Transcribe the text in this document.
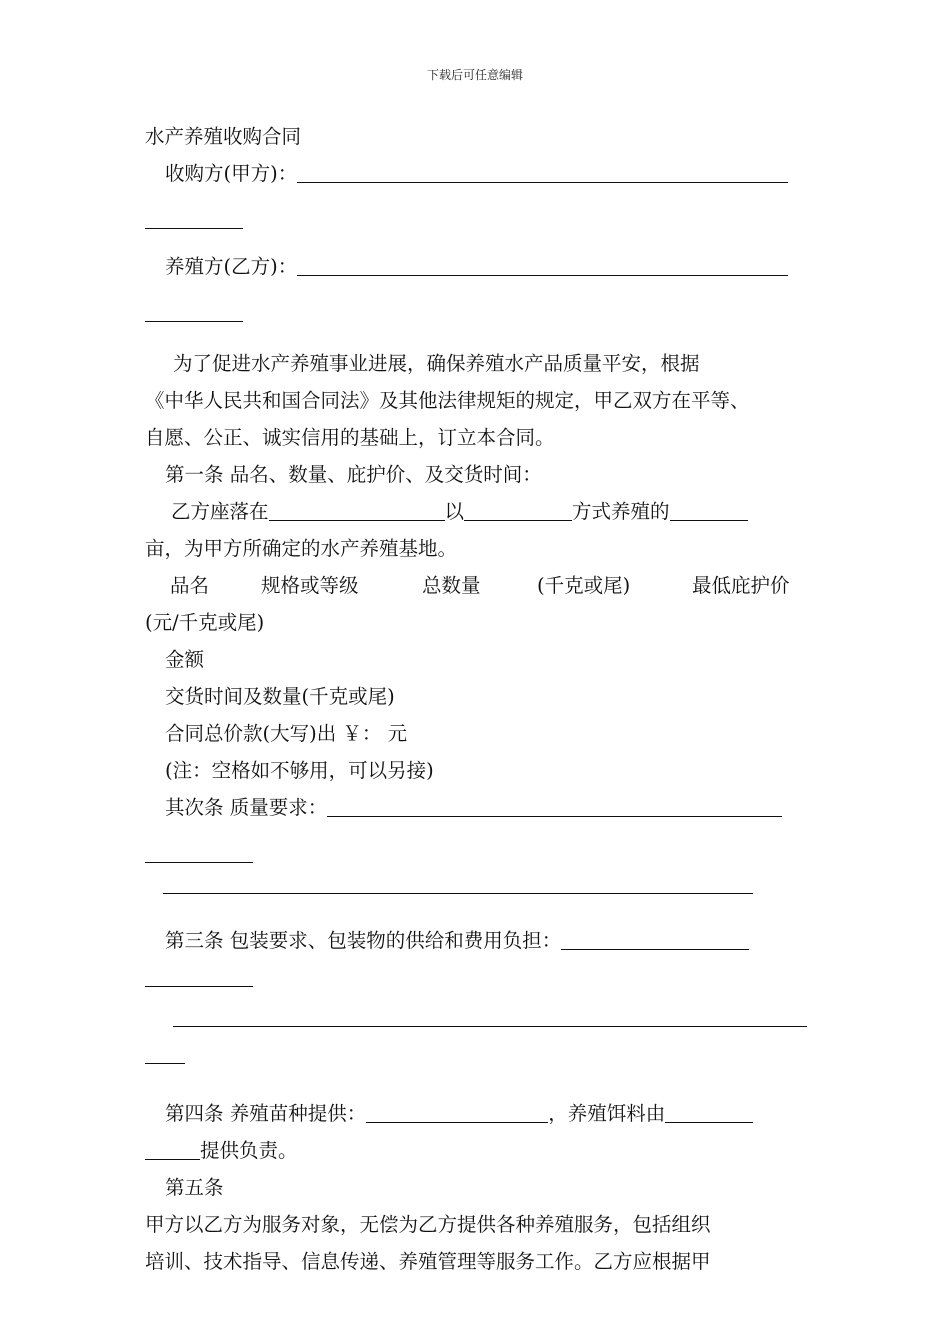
下载后可任意编辑
水产养殖收购合同
收购方(甲方)：
养殖方(乙方)：
为了促进水产养殖事业进展，确保养殖水产品质量平安，根据
《中华人民共和国合同法》及其他法律规矩的规定，甲乙双方在平等、
自愿、公正、诚实信用的基础上，订立本合同。
第一条 品名、数量、庇护价、及交货时间：
乙方座落在	以	方式养殖的
亩，为甲方所确定的水产养殖基地。
品名	规格或等级	总数量	(千克或尾)	最低庇护价
(元/千克或尾)
金额
交货时间及数量(千克或尾)
合同总价款(大写)出 ￥： 元
(注：空格如不够用，可以另接)
其次条 质量要求：
第三条 包装要求、包装物的供给和费用负担：
第四条 养殖苗种提供：	，养殖饵料由
提供负责。
第五条
甲方以乙方为服务对象，无偿为乙方提供各种养殖服务，包括组织
培训、技术指导、信息传递、养殖管理等服务工作。乙方应根据甲
